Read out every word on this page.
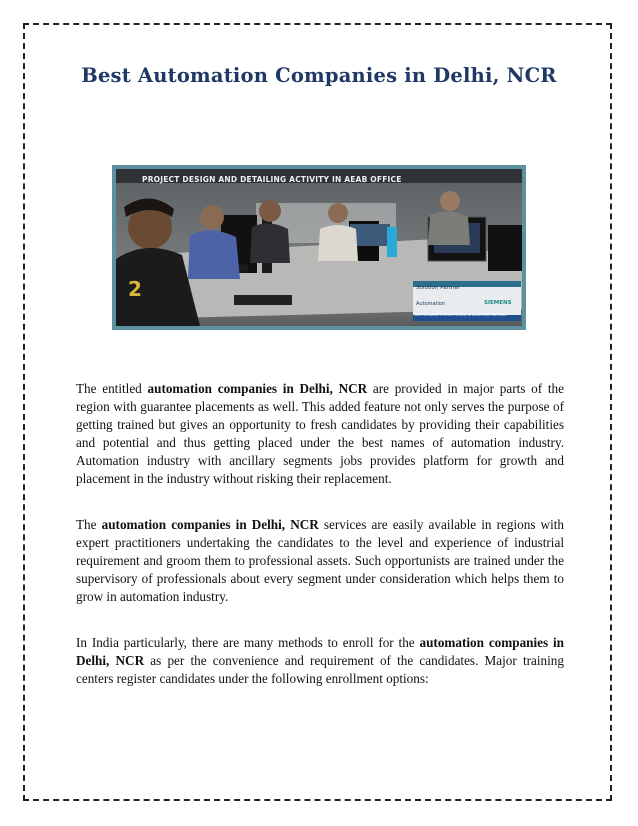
Best Automation Companies in Delhi, NCR
PROJECT DESIGN AND DETAILING ACTIVITY IN AEAB OFFICE
2	Solution Partner
Automation	SIEMENS
AUTHORIZED SYSTEM HOUSE & SOLUTION PARTNER

The entitled automation companies in Delhi, NCR are provided in major parts of the region with guarantee placements as well. This added feature not only serves the purpose of getting trained but gives an opportunity to fresh candidates by providing their capabilities and potential and thus getting placed under the best names of automation industry. Automation industry with ancillary segments jobs provides platform for growth and placement in the industry without risking their replacement.

The automation companies in Delhi, NCR services are easily available in regions with expert practitioners undertaking the candidates to the level and experience of industrial requirement and groom them to professional assets. Such opportunists are trained under the supervisory of professionals about every segment under consideration which helps them to grow in automation industry.

In India particularly, there are many methods to enroll for the automation companies in Delhi, NCR as per the convenience and requirement of the candidates. Major training centers register candidates under the following enrollment options:
